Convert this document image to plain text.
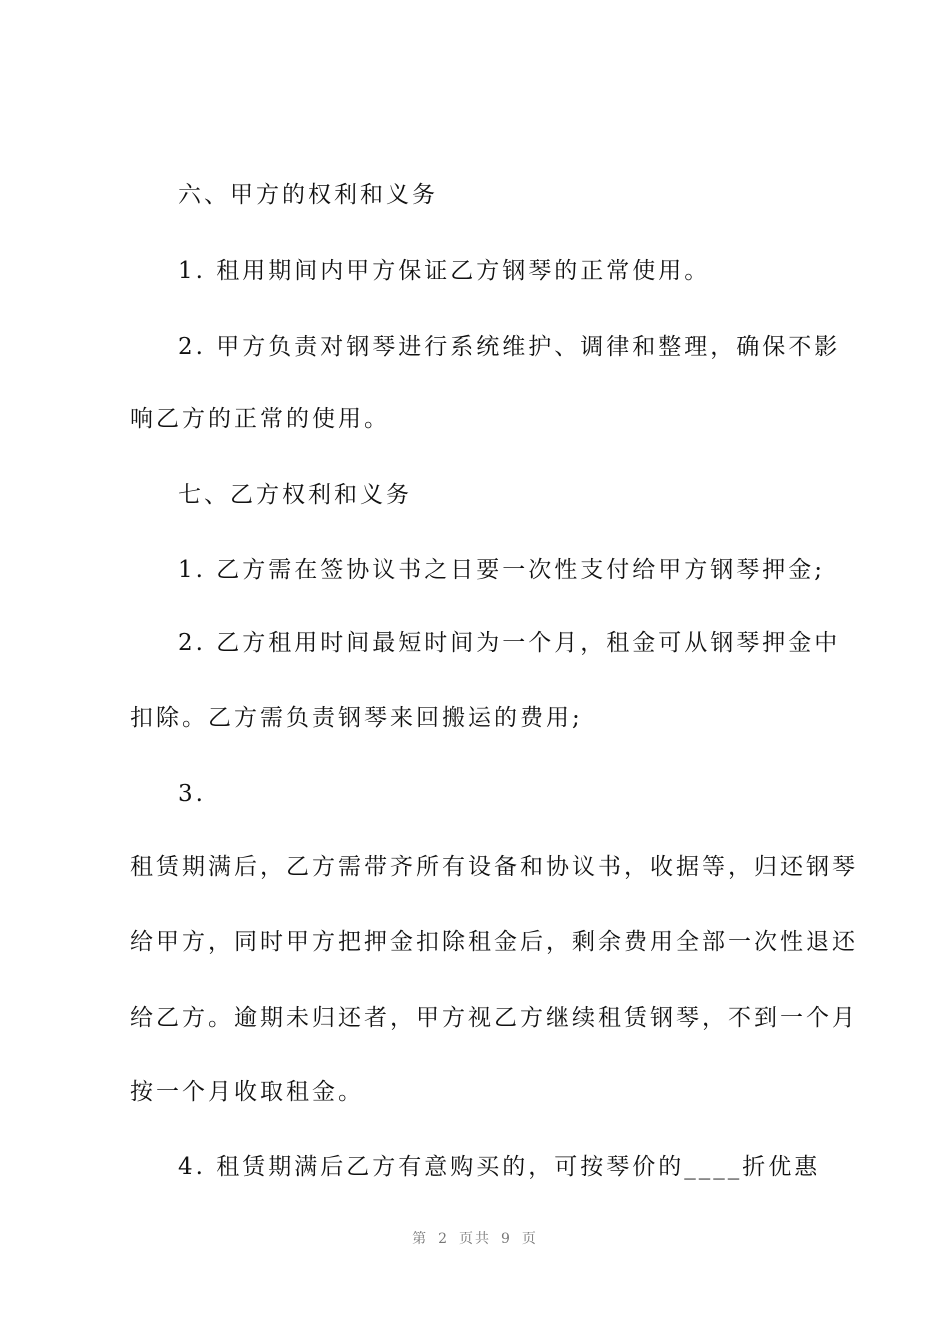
六、甲方的权利和义务
1. 租用期间内甲方保证乙方钢琴的正常使用。
2. 甲方负责对钢琴进行系统维护、调律和整理，确保不影
响乙方的正常的使用。
七、乙方权利和义务
1. 乙方需在签协议书之日要一次性支付给甲方钢琴押金;
2. 乙方租用时间最短时间为一个月，租金可从钢琴押金中
扣除。乙方需负责钢琴来回搬运的费用;
3.
租赁期满后，乙方需带齐所有设备和协议书，收据等，归还钢琴
给甲方，同时甲方把押金扣除租金后，剩余费用全部一次性退还
给乙方。逾期未归还者，甲方视乙方继续租赁钢琴，不到一个月
按一个月收取租金。
4. 租赁期满后乙方有意购买的，可按琴价的____折优惠
第 2 页共 9 页
